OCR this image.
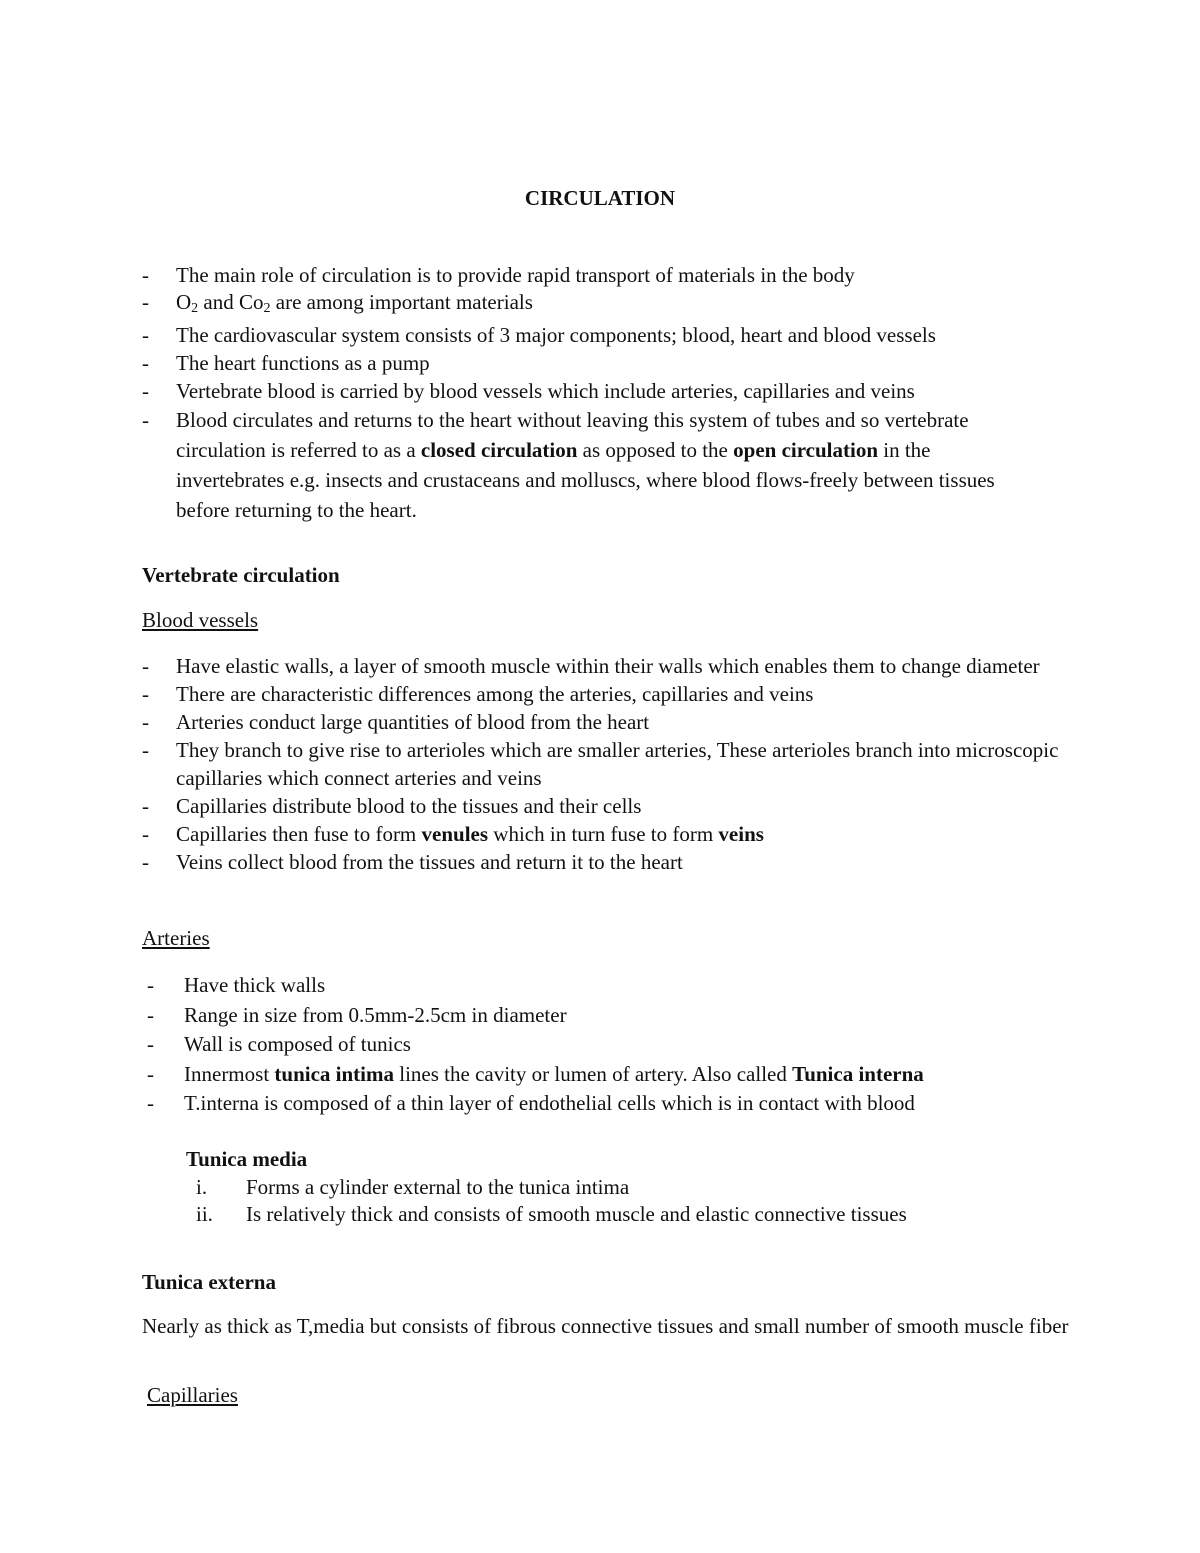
CIRCULATION
- The main role of circulation is to provide rapid transport of materials in the body
- $O_2$ and $Co_2$ are among important materials
- The cardiovascular system consists of 3 major components; blood, heart and blood vessels
- The heart functions as a pump
- Vertebrate blood is carried by blood vessels which include arteries, capillaries and veins
- Blood circulates and returns to the heart without leaving this system of tubes and so vertebrate circulation is referred to as a closed circulation as opposed to the open circulation in the invertebrates e.g. insects and crustaceans and molluscs, where blood flows-freely between tissues before returning to the heart.
Vertebrate circulation
Blood vessels
- Have elastic walls, a layer of smooth muscle within their walls which enables them to change diameter
- There are characteristic differences among the arteries, capillaries and veins
- Arteries conduct large quantities of blood from the heart
- They branch to give rise to arterioles which are smaller arteries, These arterioles branch into microscopic capillaries which connect arteries and veins
- Capillaries distribute blood to the tissues and their cells
- Capillaries then fuse to form venules which in turn fuse to form veins
- Veins collect blood from the tissues and return it to the heart
Arteries
- Have thick walls
- Range in size from 0.5mm-2.5cm in diameter
- Wall is composed of tunics
- Innermost tunica intima lines the cavity or lumen of artery. Also called Tunica interna
- T.interna is composed of a thin layer of endothelial cells which is in contact with blood
Tunica media
i. Forms a cylinder external to the tunica intima
ii. Is relatively thick and consists of smooth muscle and elastic connective tissues
Tunica externa
Nearly as thick as T,media but consists of fibrous connective tissues and small number of smooth muscle fiber
Capillaries
